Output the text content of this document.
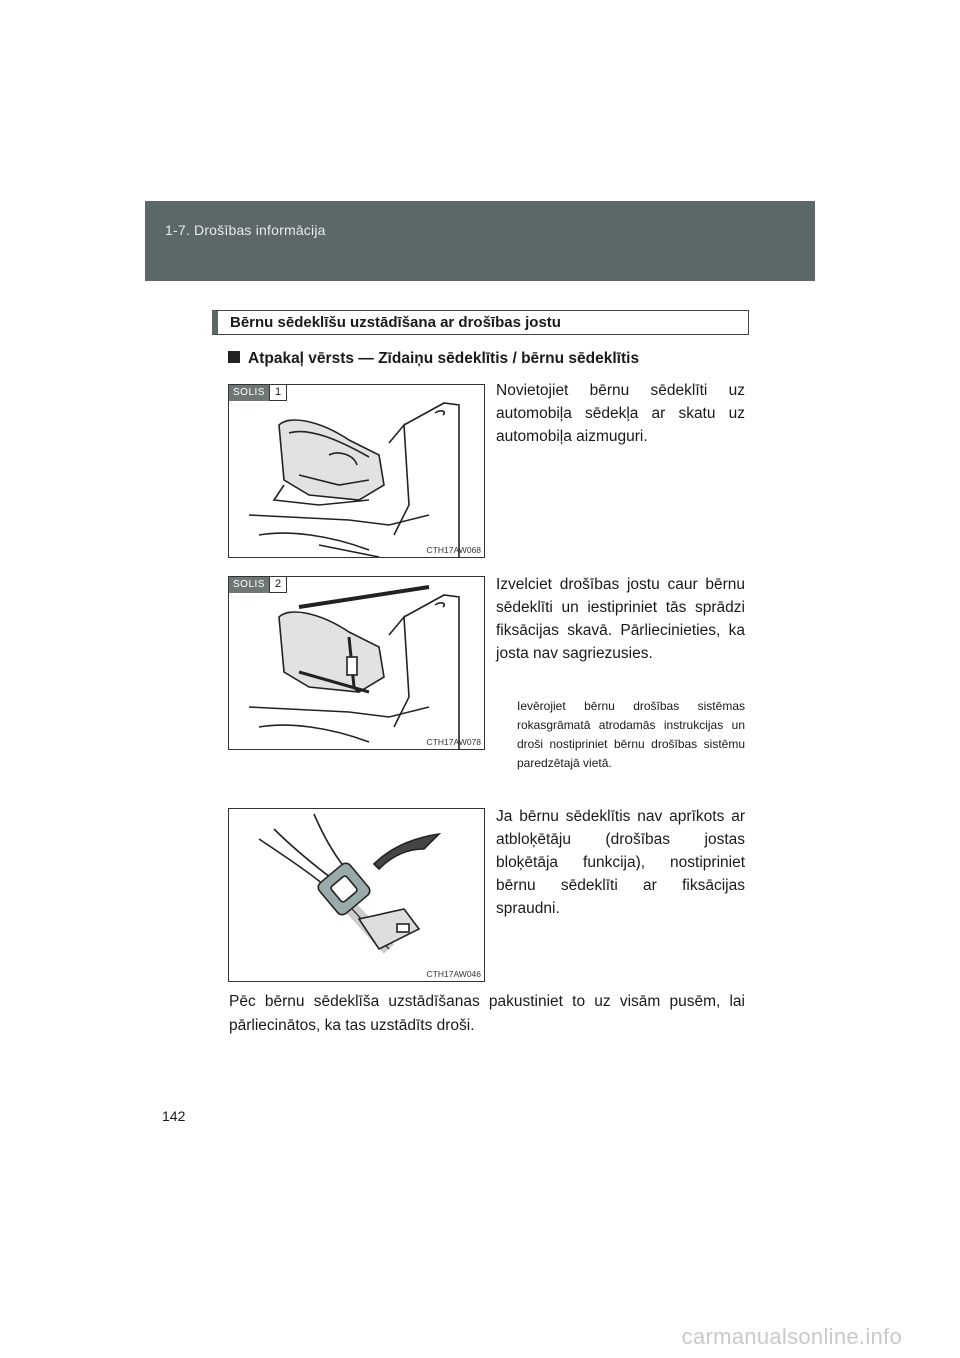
1-7. Drošības informācija
Bērnu sēdeklīšu uzstādīšana ar drošības jostu
Atpakaļ vērsts — Zīdaiņu sēdeklītis / bērnu sēdeklītis
SOLIS 1
CTH17AW068
Novietojiet bērnu sēdeklīti uz automobiļa sēdekļa ar skatu uz automobiļa aizmuguri.
SOLIS 2
CTH17AW078
Izvelciet drošības jostu caur bērnu sēdeklīti un iestipriniet tās sprādzi fiksācijas skavā. Pārliecinieties, ka josta nav sagriezusies.
Ievērojiet bērnu drošības sistēmas rokasgrāmatā atrodamās instrukcijas un droši nostipriniet bērnu drošības sistēmu paredzētajā vietā.
CTH17AW046
Ja bērnu sēdeklītis nav aprīkots ar atbloķētāju (drošības jostas bloķētāja funkcija), nostipriniet bērnu sēdeklīti ar fiksācijas spraudni.
Pēc bērnu sēdeklīša uzstādīšanas pakustiniet to uz visām pusēm, lai pārliecinātos, ka tas uzstādīts droši.
142
carmanualsonline.info
